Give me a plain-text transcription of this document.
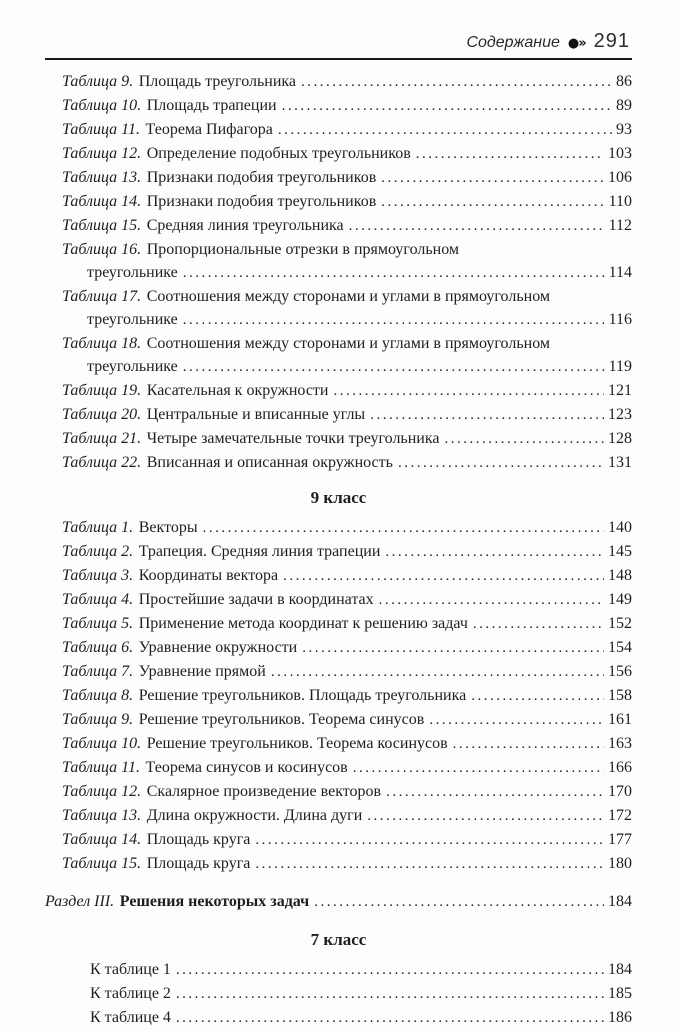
Содержание ●» 291
Таблица 9. Площадь треугольника .....	86
Таблица 10. Площадь трапеции .....	89
Таблица 11. Теорема Пифагора .....	93
Таблица 12. Определение подобных треугольников .....	103
Таблица 13. Признаки подобия треугольников .....	106
Таблица 14. Признаки подобия треугольников .....	110
Таблица 15. Средняя линия треугольника .....	112
Таблица 16. Пропорциональные отрезки в прямоугольном
треугольнике .....	114
Таблица 17. Соотношения между сторонами и углами в прямоугольном
треугольнике .....	116
Таблица 18. Соотношения между сторонами и углами в прямоугольном
треугольнике .....	119
Таблица 19. Касательная к окружности .....	121
Таблица 20. Центральные и вписанные углы .....	123
Таблица 21. Четыре замечательные точки треугольника .....	128
Таблица 22. Вписанная и описанная окружность .....	131
9 класс
Таблица 1. Векторы .....	140
Таблица 2. Трапеция. Средняя линия трапеции .....	145
Таблица 3. Координаты вектора .....	148
Таблица 4. Простейшие задачи в координатах .....	149
Таблица 5. Применение метода координат к решению задач .....	152
Таблица 6. Уравнение окружности .....	154
Таблица 7. Уравнение прямой .....	156
Таблица 8. Решение треугольников. Площадь треугольника .....	158
Таблица 9. Решение треугольников. Теорема синусов .....	161
Таблица 10. Решение треугольников. Теорема косинусов .....	163
Таблица 11. Теорема синусов и косинусов .....	166
Таблица 12. Скалярное произведение векторов .....	170
Таблица 13. Длина окружности. Длина дуги .....	172
Таблица 14. Площадь круга .....	177
Таблица 15. Площадь круга .....	180
Раздел III. Решения некоторых задач .....	184
7 класс
К таблице 1 .....	184
К таблице 2 .....	185
К таблице 4 .....	186
